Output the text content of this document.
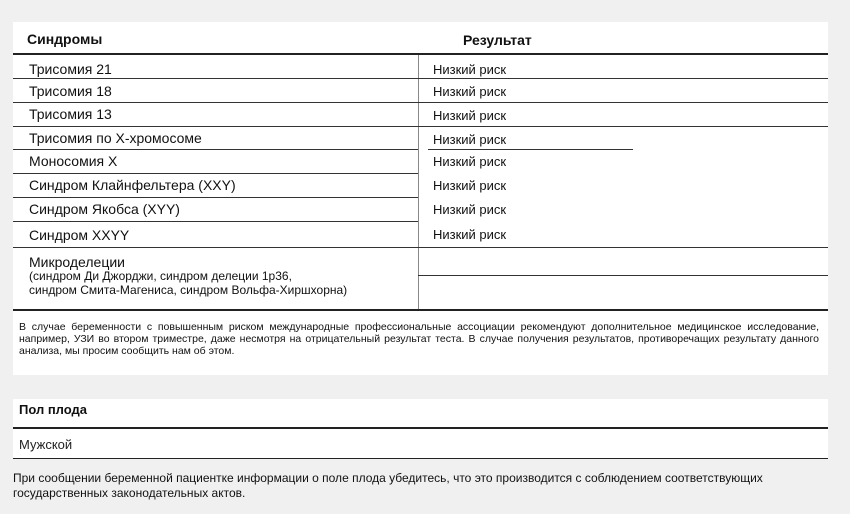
Синдромы	Результат
Трисомия 21	Низкий риск
Трисомия 18	Низкий риск
Трисомия 13	Низкий риск
Трисомия по Х-хромосоме	Низкий риск
Моносомия Х	Низкий риск
Синдром Клайнфельтера (XXY)	Низкий риск
Синдром Якобса (XYY)	Низкий риск
Синдром XXYY	Низкий риск
Микроделеции
(синдром Ди Джорджи, синдром делеции 1р36,
синдром Смита-Магениса, синдром Вольфа-Хиршхорна)
В случае беременности с повышенным риском международные профессиональные ассоциации рекомендуют дополнительное медицинское исследование, например, УЗИ во втором триместре, даже несмотря на отрицательный результат теста. В случае получения результатов, противоречащих результату данного анализа, мы просим сообщить нам об этом.
Пол плода
Мужской
При сообщении беременной пациентке информации о поле плода убедитесь, что это производится с соблюдением соответствующих государственных законодательных актов.
